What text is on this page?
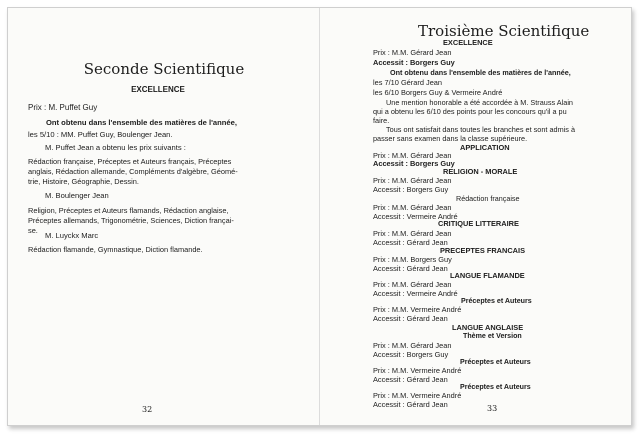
Seconde Scientifique
EXCELLENCE
Prix : M. Puffet Guy
Ont obtenu dans l'ensemble des matières de l'année,
les 5/10 : MM. Puffet Guy, Boulenger Jean.
M. Puffet Jean a obtenu les prix suivants :
Rédaction française, Préceptes et Auteurs français, Préceptes
anglais, Rédaction allemande, Compléments d'algèbre, Géomé-
trie, Histoire, Géographie, Dessin.
M. Boulenger Jean
Religion, Préceptes et Auteurs flamands, Rédaction anglaise,
Préceptes allemands, Trigonométrie, Sciences, Diction françai-
se.
M. Luyckx Marc
Rédaction flamande, Gymnastique, Diction flamande.
32
Troisième Scientifique
EXCELLENCE
Prix : M.M. Gérard Jean
Accessit : Borgers Guy
Ont obtenu dans l'ensemble des matières de l'année,
les 7/10 Gérard Jean
les 6/10 Borgers Guy & Vermeire André
Une mention honorable a été accordée à M. Strauss Alain
qui a obtenu les 6/10 des points pour les concours qu'il a pu
faire.
Tous ont satisfait dans toutes les branches et sont admis à
passer sans examen dans la classe supérieure.
APPLICATION
Prix : M.M. Gérard Jean
Accessit : Borgers Guy
RELIGION - MORALE
Prix : M.M. Gérard Jean
Accessit : Borgers Guy
Rédaction française
Prix : M.M. Gérard Jean
Accessit : Vermeire André
CRITIQUE LITTERAIRE
Prix : M.M. Gérard Jean
Accessit : Gérard Jean
PRECEPTES FRANCAIS
Prix : M.M. Borgers Guy
Accessit : Gérard Jean
LANGUE FLAMANDE
Prix : M.M. Gérard Jean
Accessit : Vermeire André
Préceptes et Auteurs
Prix : M.M. Vermeire André
Accessit : Gérard Jean
LANGUE ANGLAISE
Thème et Version
Prix : M.M. Gérard Jean
Accessit : Borgers Guy
Préceptes et Auteurs
Prix : M.M. Vermeire André
Accessit : Gérard Jean
Préceptes et Auteurs
Prix : M.M. Vermeire André
Accessit : Gérard Jean	33
